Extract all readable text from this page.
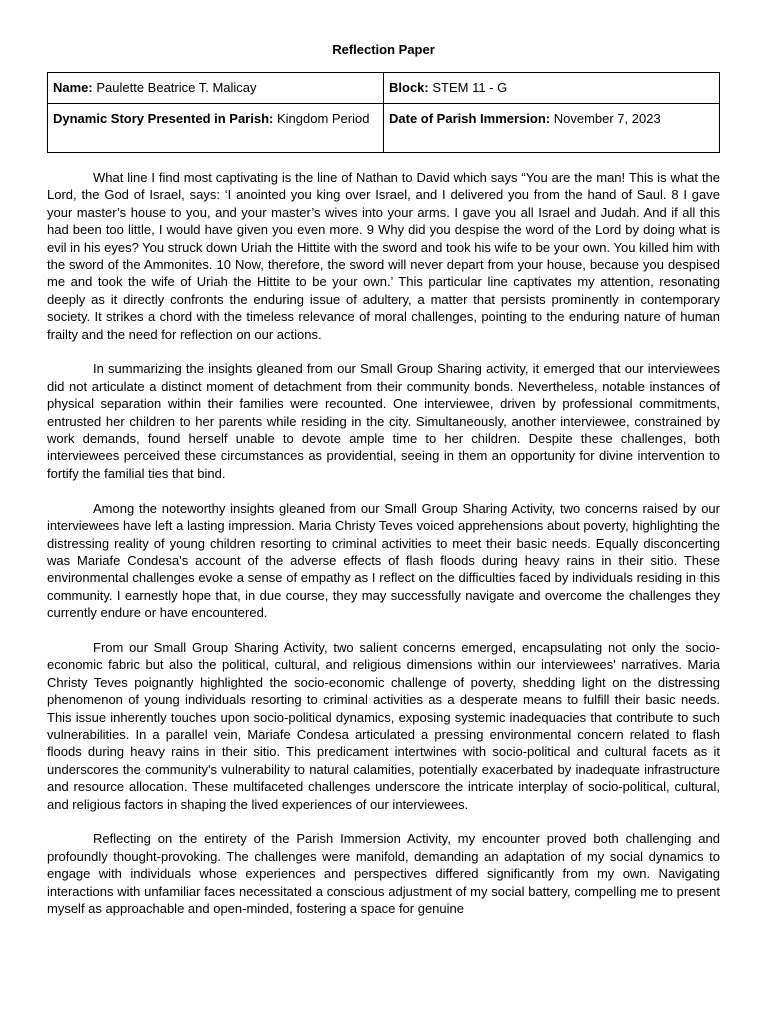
Reflection Paper
Name: Paulette Beatrice T. Malicay	Block: STEM 11 - G
Dynamic Story Presented in Parish: Kingdom Period	Date of Parish Immersion: November 7, 2023

What line I find most captivating is the line of Nathan to David which says “You are the man! This is what the Lord, the God of Israel, says: ‘I anointed you king over Israel, and I delivered you from the hand of Saul. 8 I gave your master’s house to you, and your master’s wives into your arms. I gave you all Israel and Judah. And if all this had been too little, I would have given you even more. 9 Why did you despise the word of the Lord by doing what is evil in his eyes? You struck down Uriah the Hittite with the sword and took his wife to be your own. You killed him with the sword of the Ammonites. 10 Now, therefore, the sword will never depart from your house, because you despised me and took the wife of Uriah the Hittite to be your own.’ This particular line captivates my attention, resonating deeply as it directly confronts the enduring issue of adultery, a matter that persists prominently in contemporary society. It strikes a chord with the timeless relevance of moral challenges, pointing to the enduring nature of human frailty and the need for reflection on our actions.

In summarizing the insights gleaned from our Small Group Sharing activity, it emerged that our interviewees did not articulate a distinct moment of detachment from their community bonds. Nevertheless, notable instances of physical separation within their families were recounted. One interviewee, driven by professional commitments, entrusted her children to her parents while residing in the city. Simultaneously, another interviewee, constrained by work demands, found herself unable to devote ample time to her children. Despite these challenges, both interviewees perceived these circumstances as providential, seeing in them an opportunity for divine intervention to fortify the familial ties that bind.

Among the noteworthy insights gleaned from our Small Group Sharing Activity, two concerns raised by our interviewees have left a lasting impression. Maria Christy Teves voiced apprehensions about poverty, highlighting the distressing reality of young children resorting to criminal activities to meet their basic needs. Equally disconcerting was Mariafe Condesa's account of the adverse effects of flash floods during heavy rains in their sitio. These environmental challenges evoke a sense of empathy as I reflect on the difficulties faced by individuals residing in this community. I earnestly hope that, in due course, they may successfully navigate and overcome the challenges they currently endure or have encountered.

From our Small Group Sharing Activity, two salient concerns emerged, encapsulating not only the socio-economic fabric but also the political, cultural, and religious dimensions within our interviewees' narratives. Maria Christy Teves poignantly highlighted the socio-economic challenge of poverty, shedding light on the distressing phenomenon of young individuals resorting to criminal activities as a desperate means to fulfill their basic needs. This issue inherently touches upon socio-political dynamics, exposing systemic inadequacies that contribute to such vulnerabilities. In a parallel vein, Mariafe Condesa articulated a pressing environmental concern related to flash floods during heavy rains in their sitio. This predicament intertwines with socio-political and cultural facets as it underscores the community's vulnerability to natural calamities, potentially exacerbated by inadequate infrastructure and resource allocation. These multifaceted challenges underscore the intricate interplay of socio-political, cultural, and religious factors in shaping the lived experiences of our interviewees.

Reflecting on the entirety of the Parish Immersion Activity, my encounter proved both challenging and profoundly thought-provoking. The challenges were manifold, demanding an adaptation of my social dynamics to engage with individuals whose experiences and perspectives differed significantly from my own. Navigating interactions with unfamiliar faces necessitated a conscious adjustment of my social battery, compelling me to present myself as approachable and open-minded, fostering a space for genuine
